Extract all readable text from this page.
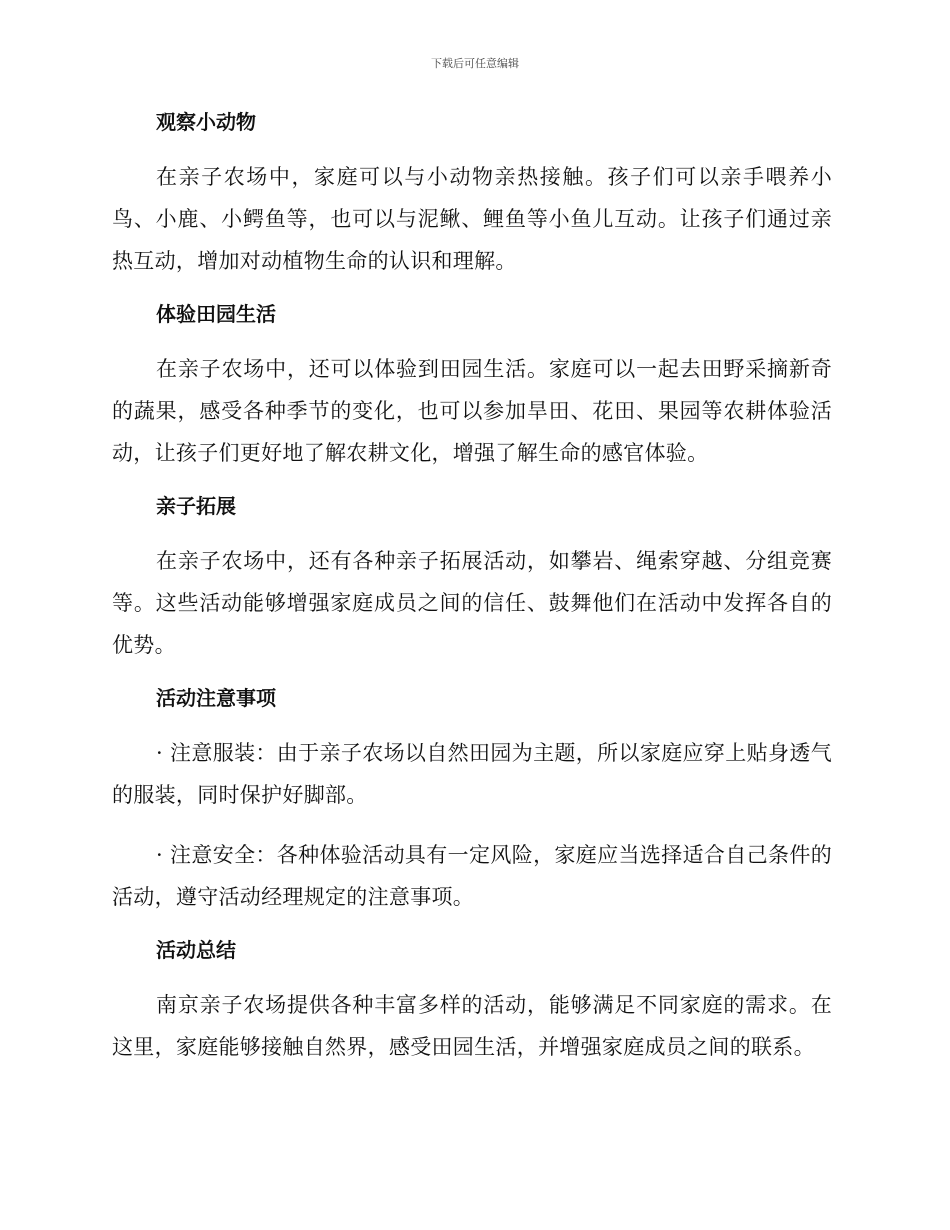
下载后可任意编辑
观察小动物

在亲子农场中，家庭可以与小动物亲热接触。孩子们可以亲手喂养小鸟、小鹿、小鳄鱼等，也可以与泥鳅、鲤鱼等小鱼儿互动。让孩子们通过亲热互动，增加对动植物生命的认识和理解。

体验田园生活

在亲子农场中，还可以体验到田园生活。家庭可以一起去田野采摘新奇的蔬果，感受各种季节的变化，也可以参加旱田、花田、果园等农耕体验活动，让孩子们更好地了解农耕文化，增强了解生命的感官体验。

亲子拓展

在亲子农场中，还有各种亲子拓展活动，如攀岩、绳索穿越、分组竞赛等。这些活动能够增强家庭成员之间的信任、鼓舞他们在活动中发挥各自的优势。

活动注意事项

· 注意服装：由于亲子农场以自然田园为主题，所以家庭应穿上贴身透气的服装，同时保护好脚部。

· 注意安全：各种体验活动具有一定风险，家庭应当选择适合自己条件的活动，遵守活动经理规定的注意事项。

活动总结

南京亲子农场提供各种丰富多样的活动，能够满足不同家庭的需求。在这里，家庭能够接触自然界，感受田园生活，并增强家庭成员之间的联系。
